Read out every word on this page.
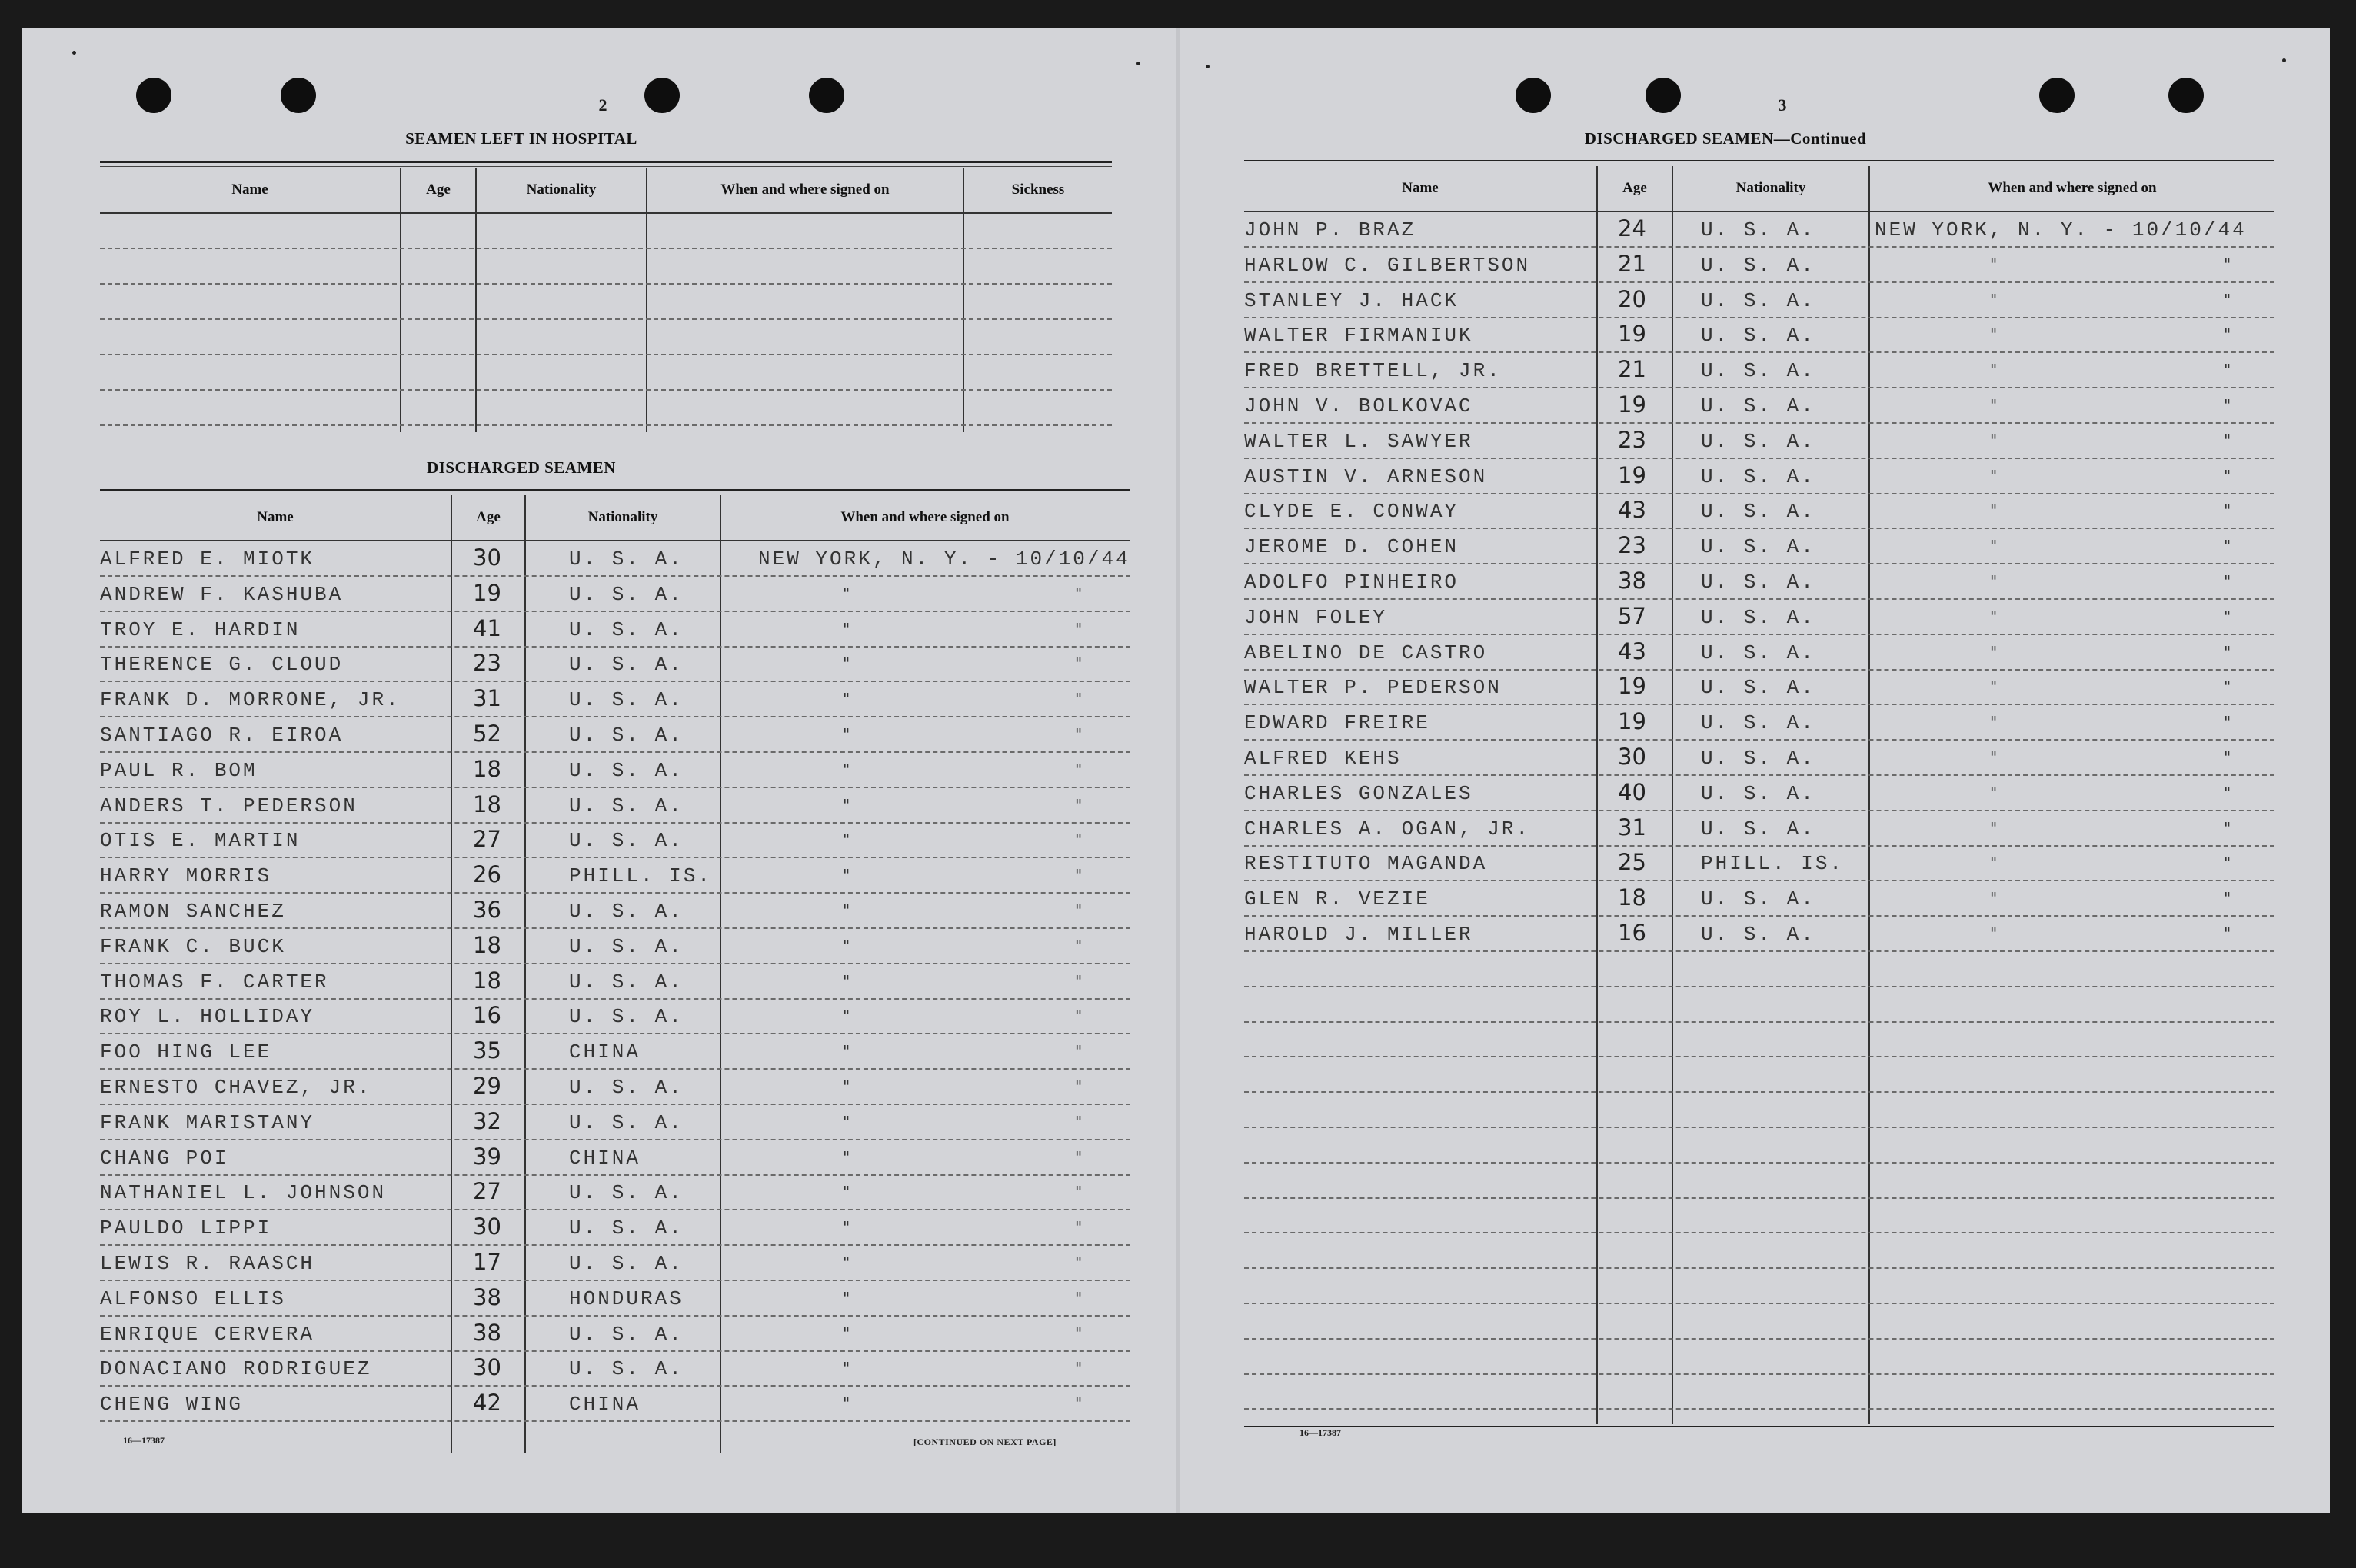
2
SEAMEN LEFT IN HOSPITAL
Name	Age	Nationality	When and where signed on	Sickness
DISCHARGED SEAMEN
Name	Age	Nationality	When and where signed on
ALFRED E. MIOTK	30	U. S. A.	NEW YORK, N. Y. - 10/10/44
ANDREW F. KASHUBA	19	U. S. A.	"	"
TROY E. HARDIN	41	U. S. A.	"	"
THERENCE G. CLOUD	23	U. S. A.	"	"
FRANK D. MORRONE, JR.	31	U. S. A.	"	"
SANTIAGO R. EIROA	52	U. S. A.	"	"
PAUL R. BOM	18	U. S. A.	"	"
ANDERS T. PEDERSON	18	U. S. A.	"	"
OTIS E. MARTIN	27	U. S. A.	"	"
HARRY MORRIS	26	PHILL. IS.	"	"
RAMON SANCHEZ	36	U. S. A.	"	"
FRANK C. BUCK	18	U. S. A.	"	"
THOMAS F. CARTER	18	U. S. A.	"	"
ROY L. HOLLIDAY	16	U. S. A.	"	"
FOO HING LEE	35	CHINA	"	"
ERNESTO CHAVEZ, JR.	29	U. S. A.	"	"
FRANK MARISTANY	32	U. S. A.	"	"
CHANG POI	39	CHINA	"	"
NATHANIEL L. JOHNSON	27	U. S. A.	"	"
PAULDO LIPPI	30	U. S. A.	"	"
LEWIS R. RAASCH	17	U. S. A.	"	"
ALFONSO ELLIS	38	HONDURAS	"	"
ENRIQUE CERVERA	38	U. S. A.	"	"
DONACIANO RODRIGUEZ	30	U. S. A.	"	"
CHENG WING	42	CHINA	"	"
16—17387	[CONTINUED ON NEXT PAGE]
3
DISCHARGED SEAMEN—Continued
Name	Age	Nationality	When and where signed on
JOHN P. BRAZ	24	U. S. A.	NEW YORK, N. Y. - 10/10/44
HARLOW C. GILBERTSON	21	U. S. A.	"	"
STANLEY J. HACK	20	U. S. A.	"	"
WALTER FIRMANIUK	19	U. S. A.	"	"
FRED BRETTELL, JR.	21	U. S. A.	"	"
JOHN V. BOLKOVAC	19	U. S. A.	"	"
WALTER L. SAWYER	23	U. S. A.	"	"
AUSTIN V. ARNESON	19	U. S. A.	"	"
CLYDE E. CONWAY	43	U. S. A.	"	"
JEROME D. COHEN	23	U. S. A.	"	"
ADOLFO PINHEIRO	38	U. S. A.	"	"
JOHN FOLEY	57	U. S. A.	"	"
ABELINO DE CASTRO	43	U. S. A.	"	"
WALTER P. PEDERSON	19	U. S. A.	"	"
EDWARD FREIRE	19	U. S. A.	"	"
ALFRED KEHS	30	U. S. A.	"	"
CHARLES GONZALES	40	U. S. A.	"	"
CHARLES A. OGAN, JR.	31	U. S. A.	"	"
RESTITUTO MAGANDA	25	PHILL. IS.	"	"
GLEN R. VEZIE	18	U. S. A.	"	"
HAROLD J. MILLER	16	U. S. A.	"	"
16—17387
